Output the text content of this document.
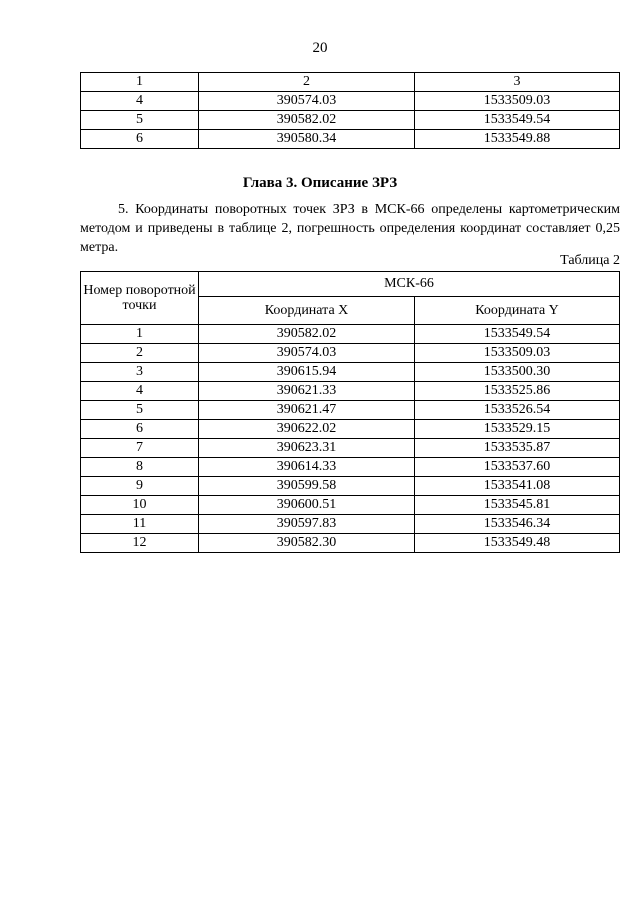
20
1	2	3
4	390574.03	1533509.03
5	390582.02	1533549.54
6	390580.34	1533549.88
Глава 3. Описание ЗРЗ
5. Координаты поворотных точек ЗРЗ в МСК-66 определены картометрическим методом и приведены в таблице 2, погрешность определения координат составляет 0,25 метра.
Таблица 2
Номер поворотной точки	МСК-66	
	Координата X	Координата Y
1	390582.02	1533549.54
2	390574.03	1533509.03
3	390615.94	1533500.30
4	390621.33	1533525.86
5	390621.47	1533526.54
6	390622.02	1533529.15
7	390623.31	1533535.87
8	390614.33	1533537.60
9	390599.58	1533541.08
10	390600.51	1533545.81
11	390597.83	1533546.34
12	390582.30	1533549.48
